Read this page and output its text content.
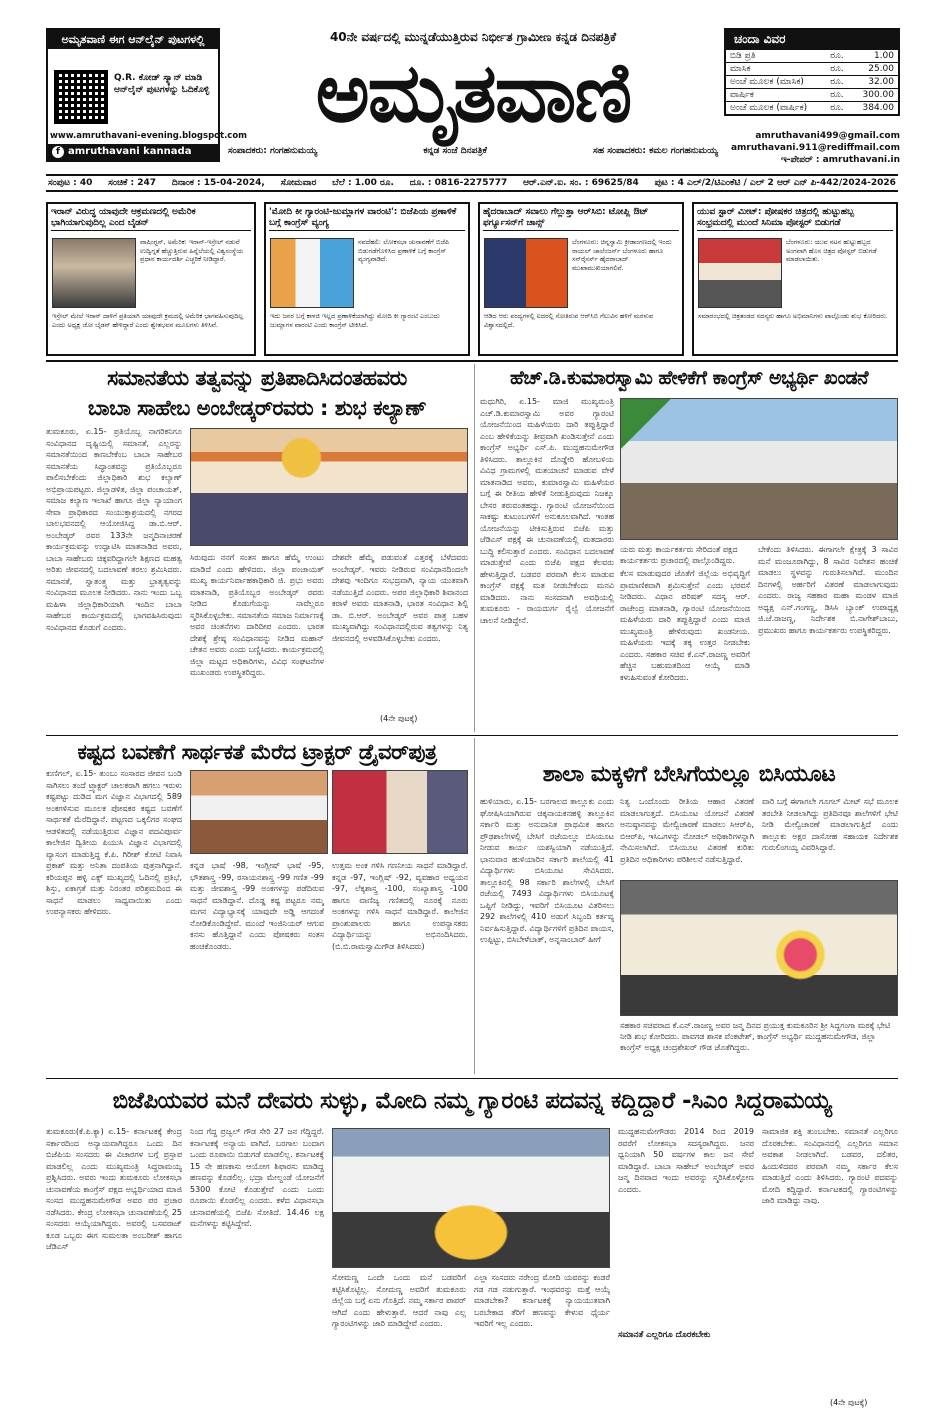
ಅಮೃತವಾಣಿ ಈಗ ಆನ್‌ಲೈನ್ ಪುಟಗಳಲ್ಲಿ
Q.R. ಕೋಡ್ ಸ್ಕ್ಯಾನ್ ಮಾಡಿ ಆನ್‌ಲೈನ್ ಪುಟಗಳನ್ನು ಓದಿಕೊಳ್ಳಿ
www.amruthavani-evening.blogspot.com
f amruthavani kannada
40ನೇ ವರ್ಷದಲ್ಲಿ ಮುನ್ನಡೆಯುತ್ತಿರುವ ನಿರ್ಭೀತ ಗ್ರಾಮೀಣ ಕನ್ನಡ ದಿನಪತ್ರಿಕೆ
ಅಮೃತವಾಣಿ
ಸಂಪಾದಕರು: ಗಂಗಹನುಮಯ್ಯ	ಕನ್ನಡ ಸಂಜೆ ದಿನಪತ್ರಿಕೆ	ಸಹ ಸಂಪಾದಕರು: ಕಮಲ ಗಂಗಹನುಮಯ್ಯ
ಚಂದಾ ವಿವರ
ಬಿಡಿ ಪ್ರತಿ	ರೂ.	1.00
ಮಾಸಿಕ	ರೂ.	25.00
ಅಂಚೆ ಮೂಲಕ (ಮಾಸಿಕ)	ರೂ.	32.00
ವಾರ್ಷಿಕ	ರೂ.	300.00
ಅಂಚೆ ಮೂಲಕ (ವಾರ್ಷಿಕ)	ರೂ.	384.00
amruthavani499@gmail.com
amruthavani.911@rediffmail.com
ಇ-ಪೇಪರ್ : amruthavani.in
ಸಂಪುಟ : 40 ಸಂಚಿಕೆ : 247 ದಿನಾಂಕ : 15-04-2024, ಸೋಮವಾರ ಬೆಲೆ : 1.00 ರೂ. ದೂ. : 0816-2275777 ಆರ್.ಎನ್.ಐ. ಸಂ. : 69625/84 ಪುಟ : 4 ಎಲ್/2/ಟಿಎಂಕೆಟಿ / ಎಲ್ 2 ಆರ್ ಎನ್ ಪಿ-442/2024-2026
ಇರಾನ್ ವಿರುದ್ಧ ಯಾವುದೇ ಆಕ್ರಮಣದಲ್ಲಿ ಅಮೆರಿಕ ಭಾಗಿಯಾಗುವುದಿಲ್ಲ ಎಂದ ಬೈಡನ್
ವಾಷಿಂಗ್ಟನ್, ಅಮೆರಿಕ: ಇರಾನ್-ಇಸ್ರೇಲ್ ನಡುವೆ ಉದ್ವಿಗ್ನತೆ ಹೆಚ್ಚುತ್ತಿರುವ ಹಿನ್ನೆಲೆಯಲ್ಲಿ ವಿಶ್ವಸಂಸ್ಥೆಯ ಪ್ರಧಾನ ಕಾರ್ಯದರ್ಶಿ ಎಚ್ಚರಿಕೆ ನೀಡಿದ್ದಾರೆ.
ಇಸ್ರೇಲ್ ಮೇಲೆ ಇರಾನ್ ದಾಳಿಗೆ ಪ್ರತಿಯಾಗಿ ಯಾವುದೇ ಕ್ರಮದಲ್ಲಿ ಅಮೆರಿಕ ಭಾಗವಹಿಸುವುದಿಲ್ಲ ಎಂದು ಅಧ್ಯಕ್ಷ ಜೋ ಬೈಡನ್ ಹೇಳಿದ್ದಾರೆ ಎಂದು ಶ್ವೇತಭವನ ಮೂಲಗಳು ತಿಳಿಸಿವೆ.
'ಮೋದಿ ಕೀ ಗ್ಯಾರಂಟಿ-ಜುಮ್ಲಾಗಳ ವಾರಂಟಿ': ಬಿಜೆಪಿಯ ಪ್ರಣಾಳಿಕೆ ಬಗ್ಗೆ ಕಾಂಗ್ರೆಸ್ ವ್ಯಂಗ್ಯ
ನವದೆಹಲಿ: ಲೋಕಸಭಾ ಚುನಾವಣೆಗೆ ಬಿಜೆಪಿ ಬಿಡುಗಡೆಗೊಳಿಸಿದ ಪ್ರಣಾಳಿಕೆ ಬಗ್ಗೆ ಕಾಂಗ್ರೆಸ್ ವ್ಯಂಗ್ಯವಾಡಿದೆ.
ಇದು ಜನರ ಬಗ್ಗೆ ಕಾಳಜಿ ಇಲ್ಲದ ಪ್ರಣಾಳಿಕೆಯಾಗಿದ್ದು ಮೋದಿ ಕೀ ಗ್ಯಾರಂಟಿ ಎಂಬುದು ಜುಮ್ಲಾಗಳ ವಾರಂಟಿ ಎಂದು ಕಾಂಗ್ರೆಸ್ ಟೀಕಿಸಿದೆ.
ಹೈದರಾಬಾದ್ ಸವಾಲು ಗೆಲ್ಲುತ್ತಾ ಆರ್‌ಸಿಬಿ: ಟೋಪ್ಲಿ ಔಟ್ ಫರ್ಗ್ಯೂಸನ್‌ಗೆ ಚಾನ್ಸ್
ಬೆಂಗಳೂರು: ಚಿನ್ನಸ್ವಾಮಿ ಕ್ರೀಡಾಂಗಣದಲ್ಲಿ ಇಂದು ರಾಯಲ್ ಚಾಲೆಂಜರ್ಸ್ ಬೆಂಗಳೂರು ಹಾಗೂ ಸನ್‌ರೈಸರ್ಸ್ ಹೈದರಾಬಾದ್ ಮುಖಾಮುಖಿಯಾಗಲಿವೆ.
ಆಡಿದ ಆರು ಪಂದ್ಯಗಳಲ್ಲಿ ಐದರಲ್ಲಿ ಸೋತಿರುವ ಆರ್‌ಸಿಬಿ ಗೆಲುವಿನ ಹಳಿಗೆ ಮರಳುವ ವಿಶ್ವಾಸದಲ್ಲಿದೆ.
ಯುವ ಸ್ಟಾರ್ ಮೀಟ್: ಪೋಷಕರ ಚಿತ್ರದಲ್ಲಿ ಹುಟ್ಟುಹಬ್ಬ ಸಂಭ್ರಮದಲ್ಲಿ ಮುಂದೆ ಸಿನಿಮಾ ಪೋಸ್ಟರ್ ಬಿಡುಗಡೆ
ಬೆಂಗಳೂರು: ಯುವ ನಟನ ಹುಟ್ಟುಹಬ್ಬದ ಅಂಗವಾಗಿ ಹೊಸ ಚಿತ್ರದ ಪೋಸ್ಟರ್ ಬಿಡುಗಡೆ ಮಾಡಲಾಯಿತು.
ಸಮಾರಂಭದಲ್ಲಿ ಚಿತ್ರತಂಡದ ಸದಸ್ಯರು ಹಾಗೂ ಅಭಿಮಾನಿಗಳು ಪಾಲ್ಗೊಂಡು ಶುಭ ಕೋರಿದರು.
ಸಮಾನತೆಯ ತತ್ವವನ್ನು ಪ್ರತಿಪಾದಿಸಿದಂತಹವರು
ಬಾಬಾ ಸಾಹೇಬ ಅಂಬೇಡ್ಕರ್‌ರವರು : ಶುಭ ಕಲ್ಯಾಣ್
ತುಮಕೂರು, ಏ.15- ಪ್ರತಿಯೊಬ್ಬ ನಾಗರಿಕನಿಗೂ ಸಂವಿಧಾನದ ದೃಷ್ಟಿಯಲ್ಲಿ ಸಮಾನತೆ, ಎಲ್ಲರನ್ನು ಸಮಾನತೆಯಿಂದ ಕಾಣಬೇಕೆಂಬ ಬಾಬಾ ಸಾಹೇಬರ ಸಮಾನತೆಯ ಸಿದ್ಧಾಂತವನ್ನು ಪ್ರತಿಯೊಬ್ಬರೂ ಪಾಲಿಸಬೇಕೆಂದು ಜಿಲ್ಲಾಧಿಕಾರಿ ಶುಭ ಕಲ್ಯಾಣ್ ಅಭಿಪ್ರಾಯಪಟ್ಟರು. ಜಿಲ್ಲಾಡಳಿತ, ಜಿಲ್ಲಾ ಪಂಚಾಯತ್, ಸಮಾಜ ಕಲ್ಯಾಣ ಇಲಾಖೆ ಹಾಗೂ ಜಿಲ್ಲಾ ನ್ಯಾಯಾಂಗ ಸೇವಾ ಪ್ರಾಧಿಕಾರದ ಸಂಯುಕ್ತಾಶ್ರಯದಲ್ಲಿ ನಗರದ ಬಾಲಭವನದಲ್ಲಿ ಆಯೋಜಿಸಿದ್ದ ಡಾ.ಬಿ.ಆರ್. ಅಂಬೇಡ್ಕರ್ ರವರ 133ನೇ ಜನ್ಮದಿನಾಚರಣೆ ಕಾರ್ಯಕ್ರಮವನ್ನು ಉದ್ಘಾಟಿಸಿ ಮಾತನಾಡಿದ ಅವರು, ಬಾಬಾ ಸಾಹೇಬರು ಚಿಕ್ಕವರಿದ್ದಾಗಲೇ ಶಿಕ್ಷಣದ ಮಹತ್ವ ಅರಿತು ಜೀವನದಲ್ಲಿ ಬದಲಾವಣೆ ತರಲು ಶ್ರಮಿಸಿದರು. ಸಮಾನತೆ, ಸ್ವಾತಂತ್ರ್ಯ ಮತ್ತು ಭ್ರಾತೃತ್ವವನ್ನು ಸಂವಿಧಾನದ ಮೂಲಕ ನೀಡಿದರು. ನಾನು ಇಂದು ಒಬ್ಬ ಮಹಿಳಾ ಜಿಲ್ಲಾಧಿಕಾರಿಯಾಗಿ ಇಂದಿನ ಬಾಬಾ ಸಾಹೇಬರ ಕಾರ್ಯಕ್ರಮದಲ್ಲಿ ಭಾಗವಹಿಸಿರುವುದು ಸಂವಿಧಾನದ ಕೊಡುಗೆ ಎಂದರು.
ಸಿರುವುದು ನನಗೆ ಸಂತಸ ಹಾಗೂ ಹೆಮ್ಮೆ ಉಂಟು ಮಾಡಿದೆ ಎಂದು ಹೇಳಿದರು. ಜಿಲ್ಲಾ ಪಂಚಾಯತ್ ಮುಖ್ಯ ಕಾರ್ಯನಿರ್ವಾಹಕಾಧಿಕಾರಿ ಜಿ. ಪ್ರಭು ಅವರು ಮಾತನಾಡಿ, ಪ್ರತಿಯೊಬ್ಬರ ಅಂಬೇಡ್ಕರ್ ರವರು ನೀಡಿದ ಕೊಡುಗೆಯನ್ನು ನಾವೆಲ್ಲರೂ ಸ್ಮರಿಸಿಕೊಳ್ಳಬೇಕು. ಸಮಾನತೆಯ ಸಮಾಜ ನಿರ್ಮಾಣಕ್ಕೆ ಅವರ ಚಿಂತನೆಗಳು ದಾರಿದೀಪ ಎಂದರು. ಭಾರತ ದೇಶಕ್ಕೆ ಶ್ರೇಷ್ಠ ಸಂವಿಧಾನವನ್ನು ನೀಡಿದ ಮಹಾನ್ ಚೇತನ ಅವರು ಎಂದು ಬಣ್ಣಿಸಿದರು. ಕಾರ್ಯಕ್ರಮದಲ್ಲಿ ಜಿಲ್ಲಾ ಮಟ್ಟದ ಅಧಿಕಾರಿಗಳು, ವಿವಿಧ ಸಂಘಟನೆಗಳ ಮುಖಂಡರು ಉಪಸ್ಥಿತರಿದ್ದರು.
ದೇಶವೇ ಹೆಮ್ಮೆ ಪಡುವಂತೆ ಎತ್ತರಕ್ಕೆ ಬೆಳೆದವರು ಅಂಬೇಡ್ಕರ್. ಇವರು ನೀಡಿರುವ ಸಂವಿಧಾನದಿಂದಲೇ ದೇಶವು ಇಂದಿಗೂ ಸುಭದ್ರವಾಗಿ, ನ್ಯಾಯ ಯುತವಾಗಿ ನಡೆಯುತ್ತಿದೆ ಎಂದರು. ಅಪರ ಜಿಲ್ಲಾಧಿಕಾರಿ ಶಿವಾನಂದ ಕರಾಳೆ ಅವರು ಮಾತನಾಡಿ, ಭಾರತ ಸಂವಿಧಾನ ಶಿಲ್ಪಿ ಡಾ. ಬಿ.ಆರ್. ಅಂಬೇಡ್ಕರ್ ಅವರ ಪಾತ್ರ ಬಹಳ ಮುಖ್ಯವಾಗಿದ್ದು ಸಂವಿಧಾನದಲ್ಲಿರುವ ತತ್ವಗಳನ್ನು ನಿತ್ಯ ಜೀವನದಲ್ಲಿ ಅಳವಡಿಸಿಕೊಳ್ಳಬೇಕು ಎಂದರು.
(4ನೇ ಪುಟಕ್ಕೆ)
ಹೆಚ್.ಡಿ.ಕುಮಾರಸ್ವಾಮಿ ಹೇಳಿಕೆಗೆ ಕಾಂಗ್ರೆಸ್ ಅಭ್ಯರ್ಥಿ ಖಂಡನೆ
ಮಧುಗಿರಿ, ಏ.15- ಮಾಜಿ ಮುಖ್ಯಮಂತ್ರಿ ಎಚ್.ಡಿ.ಕುಮಾರಸ್ವಾಮಿ ಅವರ ಗ್ಯಾರಂಟಿ ಯೋಜನೆಯಿಂದ ಮಹಿಳೆಯರು ದಾರಿ ತಪ್ಪುತ್ತಿದ್ದಾರೆ ಎಂಬ ಹೇಳಿಕೆಯನ್ನು ತೀವ್ರವಾಗಿ ಖಂಡಿಸುತ್ತೇನೆ ಎಂದು ಕಾಂಗ್ರೆಸ್ ಅಭ್ಯರ್ಥಿ ಎಸ್.ಪಿ. ಮುದ್ದಹನುಮೇಗೌಡ ತಿಳಿಸಿದರು. ತಾಲ್ಲೂಕಿನ ದೊಡ್ಡೇರಿ ಹೋಬಳಿಯ ವಿವಿಧ ಗ್ರಾಮಗಳಲ್ಲಿ ಮತಯಾಚನೆ ಮಾಡುವ ವೇಳೆ ಮಾತನಾಡಿದ ಅವರು, ಕುಮಾರಸ್ವಾಮಿ ಮಹಿಳೆಯರ ಬಗ್ಗೆ ಈ ರೀತಿಯ ಹೇಳಿಕೆ ನೀಡುತ್ತಿರುವುದು ನಿಜಕ್ಕೂ ಬೇಸರ ತರುವಂತಹದ್ದು. ಗ್ಯಾರಂಟಿ ಯೋಜನೆಯಿಂದ ಸಾಕಷ್ಟು ಕುಟುಂಬಗಳಿಗೆ ಅನುಕೂಲವಾಗಿದೆ. ಇಂತಹ ಯೋಜನೆಯನ್ನು ಟೀಕಿಸುತ್ತಿರುವ ಬಿಜೆಪಿ ಮತ್ತು ಜೆಡಿಎಸ್ ಪಕ್ಷಕ್ಕೆ ಈ ಚುನಾವಣೆಯಲ್ಲಿ ಮತದಾರರು ಬುದ್ಧಿ ಕಲಿಸುತ್ತಾರೆ ಎಂದರು. ಸಂವಿಧಾನ ಬದಲಾವಣೆ ಮಾಡುತ್ತೇವೆ ಎಂದು ಬಿಜೆಪಿ ಪಕ್ಷದ ಕೆಲವರು ಹೇಳುತ್ತಿದ್ದಾರೆ. ಬಡವರ ಪರವಾಗಿ ಕೆಲಸ ಮಾಡುವ ಕಾಂಗ್ರೆಸ್ ಪಕ್ಷಕ್ಕೆ ಮತ ನೀಡಬೇಕೆಂದು ಮನವಿ ಮಾಡಿದರು. ನಾನು ಸಂಸದನಾಗಿ ಅವಧಿಯಲ್ಲಿ ತುಮಕೂರು - ರಾಯದುರ್ಗ ರೈಲ್ವೆ ಯೋಜನೆಗೆ ಚಾಲನೆ ನೀಡಿದ್ದೇನೆ.
ಯರು ಮತ್ತು ಕಾರ್ಯಕರ್ತರು ಸೇರಿದಂತೆ ಪಕ್ಷದ ಕಾರ್ಯಕರ್ತರು ಪ್ರಚಾರದಲ್ಲಿ ಪಾಲ್ಗೊಂಡಿದ್ದರು.
ಕೆಲಸ ಮಾಡುವುದರ ಜೊತೆಗೆ ಜಿಲ್ಲೆಯ ಅಭಿವೃದ್ಧಿಗೆ ಪ್ರಾಮಾಣಿಕವಾಗಿ ಶ್ರಮಿಸುತ್ತೇನೆ ಎಂದು ಭರವಸೆ ನೀಡಿದರು. ವಿಧಾನ ಪರಿಷತ್ ಸದಸ್ಯ ಆರ್. ರಾಜೇಂದ್ರ ಮಾತನಾಡಿ, ಗ್ಯಾರಂಟಿ ಯೋಜನೆಯಿಂದ ಮಹಿಳೆಯರು ದಾರಿ ತಪ್ಪುತ್ತಿದ್ದಾರೆ ಎಂದು ಮಾಜಿ ಮುಖ್ಯಮಂತ್ರಿ ಹೇಳಿರುವುದು ಖಂಡನೀಯ. ಮಹಿಳೆಯರು ಇದಕ್ಕೆ ತಕ್ಕ ಉತ್ತರ ನೀಡಬೇಕು ಎಂದರು. ಸಹಕಾರ ಸಚಿವ ಕೆ.ಎನ್.ರಾಜಣ್ಣ ಅವರಿಗೆ ಹೆಚ್ಚಿನ ಬಹುಮತದಿಂದ ಆಯ್ಕೆ ಮಾಡಿ ಕಳುಹಿಸುವಂತೆ ಕೋರಿದರು.
ಬೇಕೆಂದು ತಿಳಿಸಿದರು. ಈಗಾಗಲೇ ಕ್ಷೇತ್ರಕ್ಕೆ 3 ಸಾವಿರ ಮನೆ ಮಂಜೂರಾಗಿದ್ದು, 8 ಸಾವಿರ ನಿವೇಶನ ಹಂಚಿಕೆ ಮಾಡಲು ಸ್ಥಳವನ್ನು ಗುರುತಿಸಲಾಗಿದೆ. ಮುಂದಿನ ದಿನಗಳಲ್ಲಿ ಅರ್ಹರಿಗೆ ವಿತರಣೆ ಮಾಡಲಾಗುವುದು ಎಂದರು. ರಾಜ್ಯ ಸಹಕಾರ ಮಹಾ ಮಂಡಳ ಮಾಜಿ ಅಧ್ಯಕ್ಷ ಎನ್.ಗಂಗಣ್ಣ, ಡಿಸಿಸಿ ಬ್ಯಾಂಕ್ ಉಪಾಧ್ಯಕ್ಷ ಜಿ.ಜೆ.ರಾಜಣ್ಣ, ನಿರ್ದೇಶಕ ಬಿ.ನಾಗೇಶ್‌ಬಾಬು, ಪ್ರಮುಖರು ಹಾಗೂ ಕಾರ್ಯಕರ್ತರು ಉಪಸ್ಥಿತರಿದ್ದರು.
ಕಷ್ಟದ ಬವಣೆಗೆ ಸಾರ್ಥಕತೆ ಮೆರೆದ ಟ್ರಾಕ್ಟರ್ ಡ್ರೈವರ್‌ಪುತ್ರ
ಕುಣಿಗಲ್, ಏ.15- ತುಂಬು ಸಂಸಾರದ ಜೀವನ ಬಂಡಿ ಸಾಗಿಸಲು ತಂದೆ ಟ್ರ್ಯಾಕ್ಟರ್ ಚಾಲಕರಾಗಿ ಹಗಲು ಇರುಳು ಕಷ್ಟಪಟ್ಟು ದುಡಿದ ಮಗ ವಿಜ್ಞಾನ ವಿಭಾಗದಲ್ಲಿ 589 ಅಂಕಗಳಿಸುವ ಮೂಲಕ ಪೋಷಕರ ಕಷ್ಟದ ಬವಣೆಗೆ ಸಾರ್ಥಕತೆ ಮೆರೆದಿದ್ದಾನೆ. ಪಟ್ಟಣದ ಒಕ್ಕಲಿಗರ ಸಂಘದ ಆಡಳಿತದಲ್ಲಿ ನಡೆಯುತ್ತಿರುವ ವಿಜ್ಞಾನ ಪದವಿಪೂರ್ವ ಕಾಲೇಜಿನ ದ್ವಿತೀಯ ಪಿಯುಸಿ ವಿಜ್ಞಾನ ವಿಭಾಗದಲ್ಲಿ ವ್ಯಾಸಂಗ ಮಾಡುತ್ತಿದ್ದ ಕೆ.ಪಿ. ಗಿರೀಶ್ ಕೋಟಿ ನಿವಾಸಿ ಪ್ರಕಾಶ್ ಮತ್ತು ಅನಿತಾ ದಂಪತಿಯ ಪುತ್ರನಾಗಿದ್ದಾನೆ. ಕರಿಯಪ್ಪನ ಹಳ್ಳಿ ಎಕ್ಸ್ ಮುಖ್ಯದಲ್ಲಿ ಓದಿನಲ್ಲಿ ಪ್ರತಿಭೆ, ಶಿಸ್ತು, ಏಕಾಗ್ರತೆ ಮತ್ತು ನಿರಂತರ ಪರಿಶ್ರಮದಿಂದ ಈ ಸಾಧನೆ ಮಾಡಲು ಸಾಧ್ಯವಾಯಿತು ಎಂದು ಉಪನ್ಯಾಸಕರು ಹೇಳಿದರು.
ಕನ್ನಡ ಭಾಷೆ -98, ಇಂಗ್ಲೀಷ್ ಭಾಷೆ -95, ಭೌತಶಾಸ್ತ್ರ -99, ರಸಾಯನಶಾಸ್ತ್ರ -99 ಗಣಿತ -99 ಮತ್ತು ಜೀವಶಾಸ್ತ್ರ -99 ಅಂಕಗಳನ್ನು ಪಡೆದಿರುವ ಸಾಧನೆ ಮಾಡಿದ್ದಾನೆ. ದೊಡ್ಡ ಕಷ್ಟ ಪಟ್ಟರೂ ನಮ್ಮ ಮಗನ ವಿದ್ಯಾಭ್ಯಾಸಕ್ಕೆ ಯಾವುದೇ ಅಡ್ಡಿ ಆಗದಂತೆ ನೋಡಿಕೊಂಡಿದ್ದೇವೆ. ಮುಂದೆ ಇಂಜಿನಿಯರ್ ಆಗುವ ಕನಸು ಹೊತ್ತಿದ್ದಾನೆ ಎಂದು ಪೋಷಕರು ಸಂತಸ ಹಂಚಿಕೊಂಡರು.
ಉತ್ತಮ ಅಂಕ ಗಳಿಸಿ ಗಣನೀಯ ಸಾಧನೆ ಮಾಡಿದ್ದಾರೆ. ಕನ್ನಡ -97, ಇಂಗ್ಲಿಷ್ -92, ವ್ಯವಹಾರ ಅಧ್ಯಯನ -97, ಲೆಕ್ಕಶಾಸ್ತ್ರ -100, ಸಂಖ್ಯಾಶಾಸ್ತ್ರ -100 ಹಾಗೂ ವಾಣಿಜ್ಯ ಗಣಿತದಲ್ಲಿ ನೂರಕ್ಕೆ ನೂರು ಅಂಕಗಳನ್ನು ಗಳಿಸಿ ಸಾಧನೆ ಮಾಡಿದ್ದಾರೆ. ಕಾಲೇಜಿನ ಪ್ರಾಂಶುಪಾಲರು ಹಾಗೂ ಉಪನ್ಯಾಸಕರು ವಿದ್ಯಾರ್ಥಿಯನ್ನು ಅಭಿನಂದಿಸಿದರು. (ಬಿ.ಬಿ.ರಾಮಸ್ವಾಮಿಗೌಡ ತಿಳಿಸಿದರು)
ಶಾಲಾ ಮಕ್ಕಳಿಗೆ ಬೇಸಿಗೆಯಲ್ಲೂ ಬಿಸಿಯೂಟ
ಹುಳಿಯಾರು, ಏ.15- ಬರಗಾಲದ ತಾಲ್ಲೂಕು ಎಂದು ಘೋಷಿಸಿಯಾಗಿರುವ ಚಿಕ್ಕನಾಯಕನಹಳ್ಳಿ ತಾಲ್ಲೂಕಿನ ಸರ್ಕಾರಿ ಮತ್ತು ಅನುದಾನಿತ ಪ್ರಾಥಮಿಕ ಹಾಗೂ ಪ್ರೌಢಶಾಲೆಗಳಲ್ಲಿ ಬೇಸಿಗೆ ರಜೆಯಲ್ಲೂ ಬಿಸಿಯೂಟ ನೀಡುವ ಕಾರ್ಯ ಯಶಸ್ವಿಯಾಗಿ ನಡೆಯುತ್ತಿದೆ. ಭಾನುವಾರ ಹುಳಿಯಾರಿನ ಸರ್ಕಾರಿ ಶಾಲೆಯಲ್ಲಿ 41 ವಿದ್ಯಾರ್ಥಿಗಳು ಬಿಸಿಯೂಟ ಸೇವಿಸಿದರು. ತಾಲ್ಲೂಕಿನಲ್ಲಿ 98 ಸರ್ಕಾರಿ ಶಾಲೆಗಳಲ್ಲಿ ಬೇಸಿಗೆ ರಜೆಯಲ್ಲಿ 7493 ವಿದ್ಯಾರ್ಥಿಗಳು ಬಿಸಿಯೂಟಕ್ಕೆ ಒಪ್ಪಿಗೆ ನೀಡಿದ್ದು, ಇವರಿಗೆ ಬಿಸಿಯೂಟ ವಿತರಿಸಲು 292 ಶಾಲೆಗಳಲ್ಲಿ 410 ಅಡುಗೆ ಸಿಬ್ಬಂದಿ ಕರ್ತವ್ಯ ನಿರ್ವಹಿಸುತ್ತಿದ್ದಾರೆ. ವಿದ್ಯಾರ್ಥಿಗಳಿಗೆ ಪ್ರತಿದಿನ ಪಾಯಸ, ಉಪ್ಪಿಟ್ಟು, ಬಿಸಿಬೇಳೆಬಾತ್, ಅನ್ನಸಾಂಬಾರ್ ಹೀಗೆ
ನಿತ್ಯ ಒಂದೊಂದು ರೀತಿಯ ಆಹಾರ ವಿತರಣೆ ಮಾಡಲಾಗುತ್ತದೆ. ಬಿಸಿಯೂಟ ಯೋಜನೆ ವಿತರಣೆ ಅನುಷ್ಠಾನವನ್ನು ಮೇಲ್ವಿಚಾರಣೆ ಮಾಡಲು ಸಿಆರ್‌ಪಿ, ಬಿಆರ್‌ಪಿ, ಇಸಿಒಗಳನ್ನು ನೋಡಲ್ ಅಧಿಕಾರಿಗಳನ್ನಾಗಿ ನೇಮಿಸಲಾಗಿದೆ. ಬಿಸಿಯೂಟ ವಿತರಣೆ ಕುರಿತು ಪ್ರತಿದಿನ ಅಧಿಕಾರಿಗಳು ಪರಿಶೀಲನೆ ನಡೆಸುತ್ತಿದ್ದಾರೆ.
ವಾರಿ ಬಗ್ಗೆ ಈಗಾಗಲೇ ಗೂಗಲ್ ಮೀಟ್ ಸಭೆ ಮೂಲಕ ತರಬೇತಿ ನೀಡಲಾಗಿದ್ದು ಪ್ರತಿದಿನವೂ ಶಾಲೆಗಳಿಗೆ ಭೇಟಿ ನೀಡಿ ಮೇಲ್ವಿಚಾರಣೆ ಮಾಡಲಾಗುತ್ತಿದೆ ಎಂದು ತಾಲ್ಲೂಕು ಅಕ್ಷರ ದಾಸೋಹ ಸಹಾಯಕ ನಿರ್ದೇಶಕ ಗುರುಲಿಂಗಯ್ಯ ವಿವರಿಸಿದ್ದಾರೆ.
ಸಹಕಾರ ಸಚಿವರಾದ ಕೆ.ಎನ್.ರಾಜಣ್ಣ ಅವರ ಜನ್ಮ ದಿನದ ಪ್ರಯುಕ್ತ ಕುಮಕೂರಿನ ಶ್ರೀ ಸಿದ್ದಗಂಗಾ ಮಠಕ್ಕೆ ಭೇಟಿ ನೀಡಿ ಶುಭ ಕೋರಿದರು. ಪಾವಗಡ ಶಾಸಕ ವೆಂಕಟೇಶ್, ಕಾಂಗ್ರೆಸ್ ಅಭ್ಯರ್ಥಿ ಮುದ್ದಹನುಮೇಗೌಡ, ಜಿಲ್ಲಾ ಕಾಂಗ್ರೆಸ್ ಅಧ್ಯಕ್ಷ ಚಂದ್ರಶೇಖರ್ ಗೌಡ ಜೊತೆಗಿದ್ದರು.
ಬಿಜೆಪಿಯವರ ಮನೆ ದೇವರು ಸುಳ್ಳು, ಮೋದಿ ನಮ್ಮ ಗ್ಯಾರಂಟಿ ಪದವನ್ನ ಕದ್ದಿದ್ದಾರೆ -ಸಿಎಂ ಸಿದ್ದರಾಮಯ್ಯ
ತುಮಕೂರು(ಕೆ.ಪಿ.ಕ್ಯಾ) ಏ.15- ಕರ್ನಾಟಕಕ್ಕೆ ಕೇಂದ್ರ ಸರ್ಕಾರದಿಂದ ಅನ್ಯಾಯವಾಗಿದ್ದರೂ ಒಂದು ದಿನ ಬಿಜೆಪಿಯ ಸಂಸದರು ಈ ವಿಚಾರಗಳ ಬಗ್ಗೆ ಪ್ರಸ್ತಾಪ ಮಾಡಲಿಲ್ಲ ಎಂದು ಮುಖ್ಯಮಂತ್ರಿ ಸಿದ್ದರಾಮಯ್ಯ ಪ್ರಶ್ನಿಸಿದರು. ಅವರು ಇಂದು ತುಮಕೂರು ಲೋಕಸಭಾ ಚುನಾವಣೆಯ ಕಾಂಗ್ರೆಸ್ ಪಕ್ಷದ ಅಭ್ಯರ್ಥಿಯಾದ ಮಾಜಿ ಸಂಸದ ಮುದ್ದಹನುಮೇಗೌಡ ಅವರ ಪರ ಪ್ರಚಾರ ನಡೆಸಿದರು. ಕೇಂದ್ರ ಲೋಕಸಭಾ ಚುನಾವಣೆಯಲ್ಲಿ 25 ಸಂಸದರು ಆಯ್ಕೆಯಾಗಿದ್ದರು. ಅವರಲ್ಲಿ ಬಸವರಾಜ್ ಕೂಡ ಒಬ್ಬರು ಈಗ ಸುಮಲತಾ ಅಂಬರೀಶ್ ಹಾಗೂ ಜೆಡಿಎಸ್
ನಿಂದ ಗೆದ್ದ ಪ್ರಜ್ವಲ್ ಗೌಡ ಸೇರಿ 27 ಜನ ಗೆದ್ದಿದ್ದರೆ. ಕರ್ನಾಟಕಕ್ಕೆ ಅನ್ಯಾಯ ವಾಗಿದೆ. ಬರಗಾಲ ಬಂದಾಗ ಒಂದು ರೂಪಾಯಿ ಬಿಡುಗಡೆ ಮಾಡಲಿಲ್ಲ. ಕರ್ನಾಟಕಕ್ಕೆ 15 ನೇ ಹಣಕಾಸು ಆಯೋಗ ಶಿಫಾರಸು ಮಾಡಿದ್ದ ಹಣವನ್ನು ಕೊಡಲಿಲ್ಲ. ಭದ್ರಾ ಮೇಲ್ದಂಡೆ ಯೋಜನೆಗೆ 5300 ಕೋಟಿ ಕೊಡುತ್ತೇವೆ ಎಂದು ಒಂದು ರೂಪಾಯಿ ಕೊಡಲಿಲ್ಲ ಎಂದರು. ಕಳೆದ ವಿಧಾನಸಭಾ ಚುನಾವಣೆಯಲ್ಲಿ ಬಿಜೆಪಿ ಸೋತಿದೆ. 14.46 ಲಕ್ಷ ಮನೆಗಳನ್ನು ಕಟ್ಟಿಸಿದ್ದೇವೆ.
ಸೋಮಣ್ಣ ಒಂದೇ ಒಂದು ಮನೆ ಬಡವರಿಗೆ ಕಟ್ಟಿಸಿಕೊಟ್ಟಿಲ್ಲ. ಸೋಮಣ್ಣ ಅವರಿಗೆ ತುಮಕೂರು ಜಿಲ್ಲೆಯ ಬಗ್ಗೆ ಏನು ಗೊತ್ತಿದೆ. ನಮ್ಮ ಸರ್ಕಾರ ಪಾಪರ್ ಆಗಿದೆ ಎಂದು ಹೇಳುತ್ತಾರೆ. ಆದರೆ ನಾವು ಎಲ್ಲ ಗ್ಯಾರಂಟಿಗಳನ್ನು ಜಾರಿ ಮಾಡಿದ್ದೇವೆ ಎಂದರು.
ಎಲ್ಲಾ ಸಂಸದರು ನರೇಂದ್ರ ಮೋದಿ ಯವರನ್ನು ಕಂಡರೆ ಗಡ ಗಡ ನಡುಗುತ್ತಾರೆ. ಇಂಥವರನ್ನು ಮತ್ತೆ ಆಯ್ಕೆ ಮಾಡಬೇಕಾ? ಕರ್ನಾಟಕಕ್ಕೆ ನ್ಯಾಯಯುತವಾಗಿ ಬರಬೇಕಾದ ತೆರಿಗೆ ಹಣವನ್ನು ಕೇಳುವ ಧೈರ್ಯ ಇವರಿಗೆ ಇಲ್ಲ ಎಂದರು.
ಮುದ್ದಹನುಮೇಗೌಡರು 2014 ರಿಂದ 2019 ರವರೆಗೆ ಲೋಕಸಭಾ ಸದಸ್ಯರಾಗಿದ್ದರು. ಜನರ ಧ್ವನಿಯಾಗಿ 50 ವರ್ಷಗಳ ಕಾಲ ಜನ ಸೇವೆ ಮಾಡಿದ್ದಾರೆ. ಬಾಬಾ ಸಾಹೇಬ್ ಅಂಬೇಡ್ಕರ್ ಅವರ ಜನ್ಮ ದಿನವಾದ ಇಂದು ಅವರನ್ನು ಸ್ಮರಿಸಿಕೊಳ್ಳೋಣ ಎಂದರು.
ಸಮಾನತೆ ಎಲ್ಲರಿಗೂ ದೊರಕಬೇಕು
ಸಾಮಾಜಿಕ ಶಕ್ತಿ ತುಂಬಬೇಕು. ಸಮಾನತೆ ಎಲ್ಲರಿಗೂ ದೊರಕಬೇಕು. ಸಂವಿಧಾನದಲ್ಲಿ ಎಲ್ಲರಿಗೂ ಸಮಾನ ಅವಕಾಶ ನೀಡಲಾಗಿದೆ. ಬಡವರ, ದಲಿತರ, ಹಿಂದುಳಿದವರ ಪರವಾಗಿ ನಮ್ಮ ಸರ್ಕಾರ ಕೆಲಸ ಮಾಡುತ್ತಿದೆ ಎಂದು ತಿಳಿಸಿದರು. ಗ್ಯಾರಂಟಿ ಪದವನ್ನು ಮೋದಿ ಕದ್ದಿದ್ದಾರೆ. ಕರ್ನಾಟಕದಲ್ಲಿ ಗ್ಯಾರಂಟಿಗಳನ್ನು ಜಾರಿ ಮಾಡಿದ್ದು ನಾವು.
(4ನೇ ಪುಟಕ್ಕೆ)
